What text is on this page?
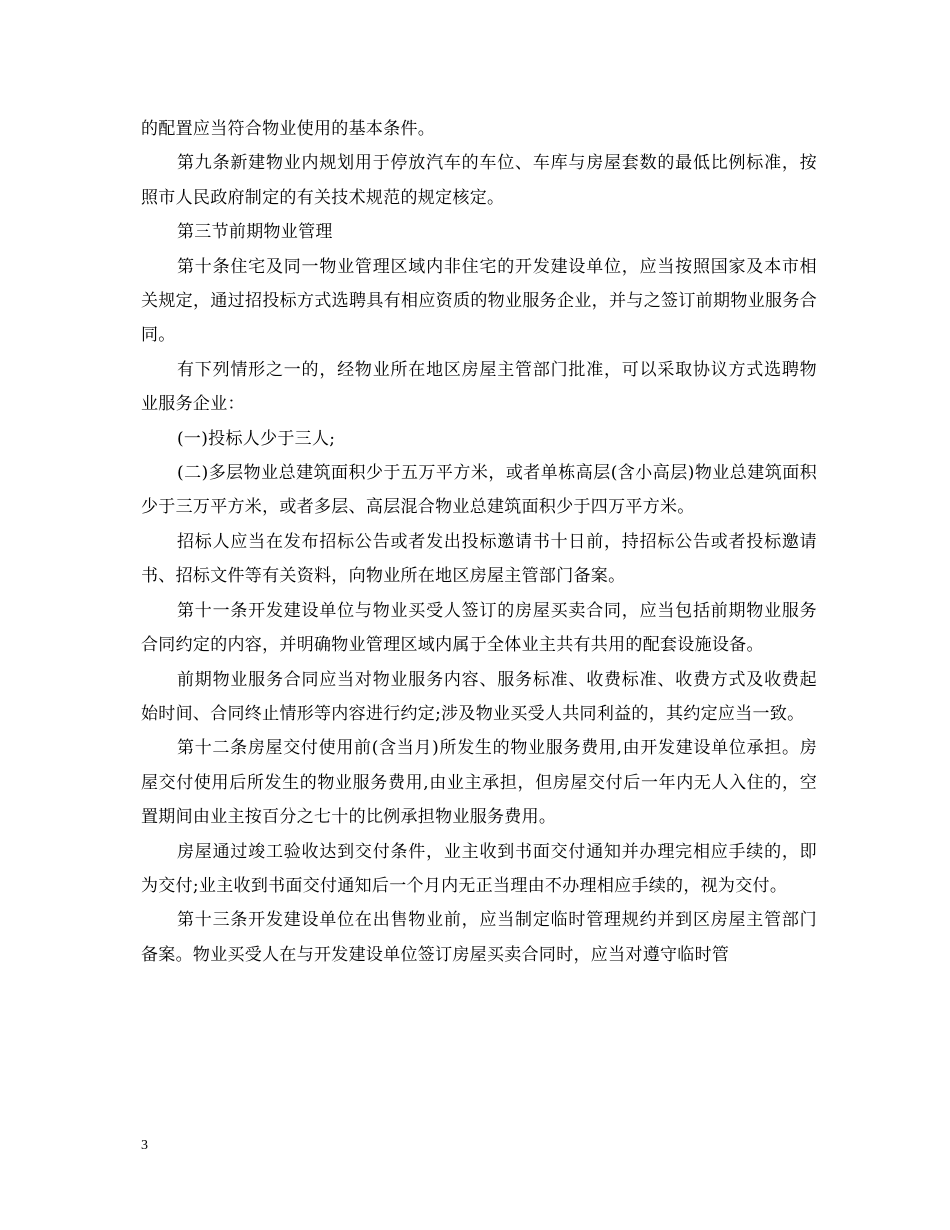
的配置应当符合物业使用的基本条件。

第九条新建物业内规划用于停放汽车的车位、车库与房屋套数的最低比例标准，按照市人民政府制定的有关技术规范的规定核定。

第三节前期物业管理

第十条住宅及同一物业管理区域内非住宅的开发建设单位，应当按照国家及本市相关规定，通过招投标方式选聘具有相应资质的物业服务企业，并与之签订前期物业服务合同。

有下列情形之一的，经物业所在地区房屋主管部门批准，可以采取协议方式选聘物业服务企业：

(一)投标人少于三人;

(二)多层物业总建筑面积少于五万平方米，或者单栋高层(含小高层)物业总建筑面积少于三万平方米，或者多层、高层混合物业总建筑面积少于四万平方米。

招标人应当在发布招标公告或者发出投标邀请书十日前，持招标公告或者投标邀请书、招标文件等有关资料，向物业所在地区房屋主管部门备案。

第十一条开发建设单位与物业买受人签订的房屋买卖合同，应当包括前期物业服务合同约定的内容，并明确物业管理区域内属于全体业主共有共用的配套设施设备。

前期物业服务合同应当对物业服务内容、服务标准、收费标准、收费方式及收费起始时间、合同终止情形等内容进行约定;涉及物业买受人共同利益的，其约定应当一致。

第十二条房屋交付使用前(含当月)所发生的物业服务费用,由开发建设单位承担。房屋交付使用后所发生的物业服务费用,由业主承担，但房屋交付后一年内无人入住的，空置期间由业主按百分之七十的比例承担物业服务费用。

房屋通过竣工验收达到交付条件，业主收到书面交付通知并办理完相应手续的，即为交付;业主收到书面交付通知后一个月内无正当理由不办理相应手续的，视为交付。

第十三条开发建设单位在出售物业前，应当制定临时管理规约并到区房屋主管部门备案。物业买受人在与开发建设单位签订房屋买卖合同时，应当对遵守临时管

3
